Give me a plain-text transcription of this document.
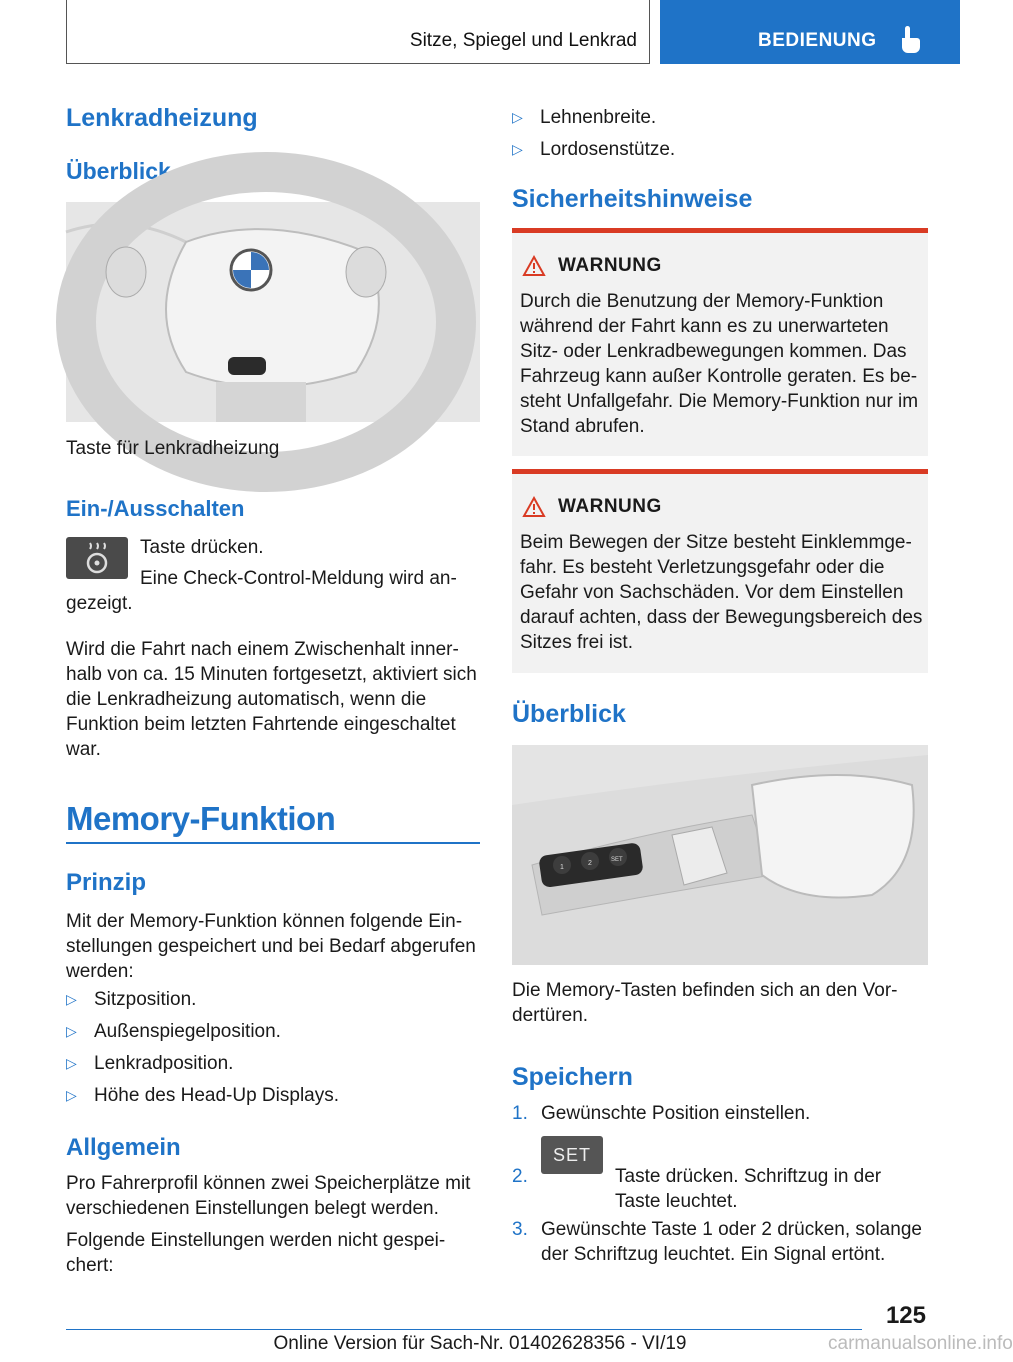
Sitze, Spiegel und Lenkrad	BEDIENUNG
Lenkradheizung
Überblick
Taste für Lenkradheizung
Ein-/Ausschalten
Taste drücken.
Eine Check-Control-Meldung wird an-
gezeigt.
Wird die Fahrt nach einem Zwischenhalt inner-halb von ca. 15 Minuten fortgesetzt, aktiviert sich die Lenkradheizung automatisch, wenn die Funktion beim letzten Fahrtende eingeschaltet war.
Memory-Funktion
Prinzip
Mit der Memory-Funktion können folgende Ein-stellungen gespeichert und bei Bedarf abgerufen werden:
▷ Sitzposition.
▷ Außenspiegelposition.
▷ Lenkradposition.
▷ Höhe des Head-Up Displays.
Allgemein
Pro Fahrerprofil können zwei Speicherplätze mit verschiedenen Einstellungen belegt werden.
Folgende Einstellungen werden nicht gespei-chert:
▷ Lehnenbreite.
▷ Lordosenstütze.
Sicherheitshinweise
WARNUNG
Durch die Benutzung der Memory-Funktion während der Fahrt kann es zu unerwarteten Sitz- oder Lenkradbewegungen kommen. Das Fahrzeug kann außer Kontrolle geraten. Es be-steht Unfallgefahr. Die Memory-Funktion nur im Stand abrufen.
WARNUNG
Beim Bewegen der Sitze besteht Einklemmge-fahr. Es besteht Verletzungsgefahr oder die Gefahr von Sachschäden. Vor dem Einstellen darauf achten, dass der Bewegungsbereich des Sitzes frei ist.
Überblick
1
2	SET
Die Memory-Tasten befinden sich an den Vor-dertüren.
Speichern
1. Gewünschte Position einstellen.
2.
SET
Taste drücken. Schriftzug in der Taste leuchtet.
3. Gewünschte Taste 1 oder 2 drücken, solange der Schriftzug leuchtet. Ein Signal ertönt.
125
Online Version für Sach-Nr. 01402628356 - VI/19	carmanualsonline.info
